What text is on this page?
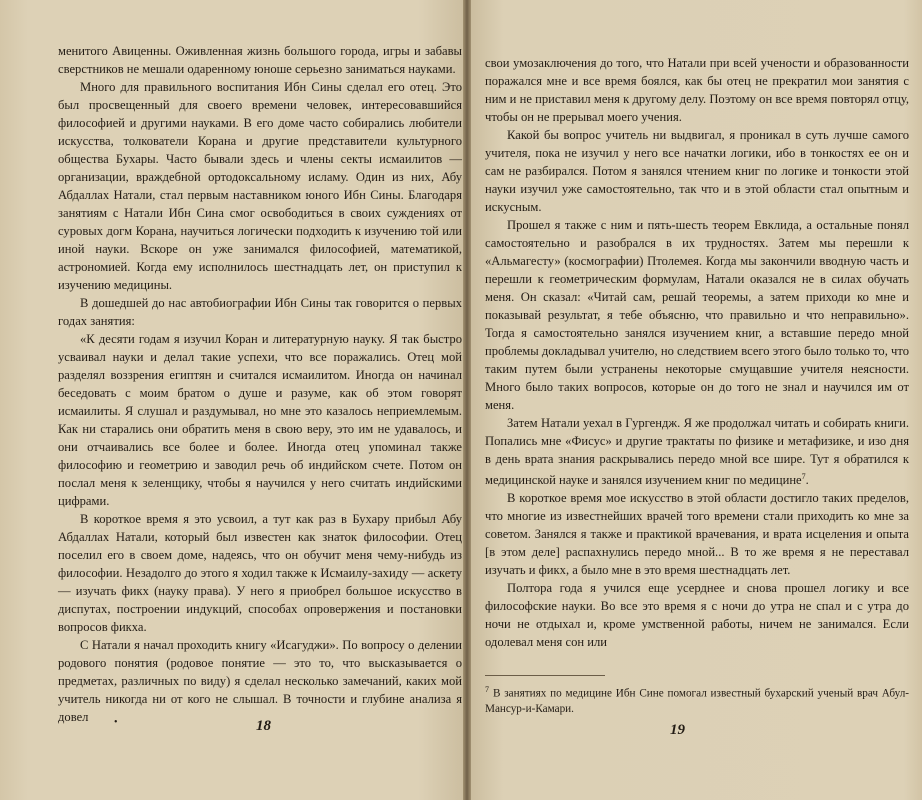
менитого Авиценны. Оживленная жизнь большого города, игры и забавы сверстников не мешали одаренному юноше серьезно заниматься науками.

Много для правильного воспитания Ибн Сины сделал его отец. Это был просвещенный для своего времени человек, интересовавшийся философией и другими науками. В его доме часто собирались любители искусства, толкователи Корана и другие представители культурного общества Бухары. Часто бывали здесь и члены секты исмаилитов — организации, враждебной ортодоксальному исламу. Один из них, Абу Абдаллах Натали, стал первым наставником юного Ибн Сины. Благодаря занятиям с Натали Ибн Сина смог освободиться в своих суждениях от суровых догм Корана, научиться логически подходить к изучению той или иной науки. Вскоре он уже занимался философией, математикой, астрономией. Когда ему исполнилось шестнадцать лет, он приступил к изучению медицины.

В дошедшей до нас автобиографии Ибн Сины так говорится о первых годах занятия:

«К десяти годам я изучил Коран и литературную науку. Я так быстро усваивал науки и делал такие успехи, что все поражались. Отец мой разделял воззрения египтян и считался исмаилитом. Иногда он начинал беседовать с моим братом о душе и разуме, как об этом говорят исмаилиты. Я слушал и раздумывал, но мне это казалось неприемлемым. Как ни старались они обратить меня в свою веру, это им не удавалось, и они отчаивались все более и более. Иногда отец упоминал также философию и геометрию и заводил речь об индийском счете. Потом он послал меня к зеленщику, чтобы я научился у него считать индийскими цифрами.

В короткое время я это усвоил, а тут как раз в Бухару прибыл Абу Абдаллах Натали, который был известен как знаток философии. Отец поселил его в своем доме, надеясь, что он обучит меня чему-нибудь из философии. Незадолго до этого я ходил также к Исмаилу-захиду — аскету — изучать фикх (науку права). У него я приобрел большое искусство в диспутах, построении индукций, способах опровержения и постановки вопросов фикха.

С Натали я начал проходить книгу «Исагуджи». По вопросу о делении родового понятия (родовое понятие — это то, что высказывается о предметах, различных по виду) я сделал несколько замечаний, каких мой учитель никогда ни от кого не слышал. В точности и глубине анализа я довел	•	18

свои умозаключения до того, что Натали при всей учености и образованности поражался мне и все время боялся, как бы отец не прекратил мои занятия с ним и не приставил меня к другому делу. Поэтому он все время повторял отцу, чтобы он не прерывал моего учения.

Какой бы вопрос учитель ни выдвигал, я проникал в суть лучше самого учителя, пока не изучил у него все начатки логики, ибо в тонкостях ее он и сам не разбирался. Потом я занялся чтением книг по логике и тонкости этой науки изучил уже самостоятельно, так что и в этой области стал опытным и искусным.

Прошел я также с ним и пять-шесть теорем Евклида, а остальные понял самостоятельно и разобрался в их трудностях. Затем мы перешли к «Альмагесту» (космографии) Птолемея. Когда мы закончили вводную часть и перешли к геометрическим формулам, Натали оказался не в силах обучать меня. Он сказал: «Читай сам, решай теоремы, а затем приходи ко мне и показывай результат, я тебе объясню, что правильно и что неправильно». Тогда я самостоятельно занялся изучением книг, а вставшие передо мной проблемы докладывал учителю, но следствием всего этого было только то, что таким путем были устранены некоторые смущавшие учителя неясности. Много было таких вопросов, которые он до того не знал и научился им от меня.

Затем Натали уехал в Гургендж. Я же продолжал читать и собирать книги. Попались мне «Фисус» и другие трактаты по физике и метафизике, и изо дня в день врата знания раскрывались передо мной все шире. Тут я обратился к медицинской науке и занялся изучением книг по медицине$^7$.

В короткое время мое искусство в этой области достигло таких пределов, что многие из известнейших врачей того времени стали приходить ко мне за советом. Занялся я также и практикой врачевания, и врата исцеления и опыта [в этом деле] распахнулись передо мной... В то же время я не переставал изучать и фикх, а было мне в это время шестнадцать лет.

Полтора года я учился еще усерднее и снова прошел логику и все философские науки. Во все это время я с ночи до утра не спал и с утра до ночи не отдыхал и, кроме умственной работы, ничем не занимался. Если одолевал меня сон или

$^7$ В занятиях по медицине Ибн Сине помогал известный бухарский ученый врач Абул-Мансур-и-Камари.
19
